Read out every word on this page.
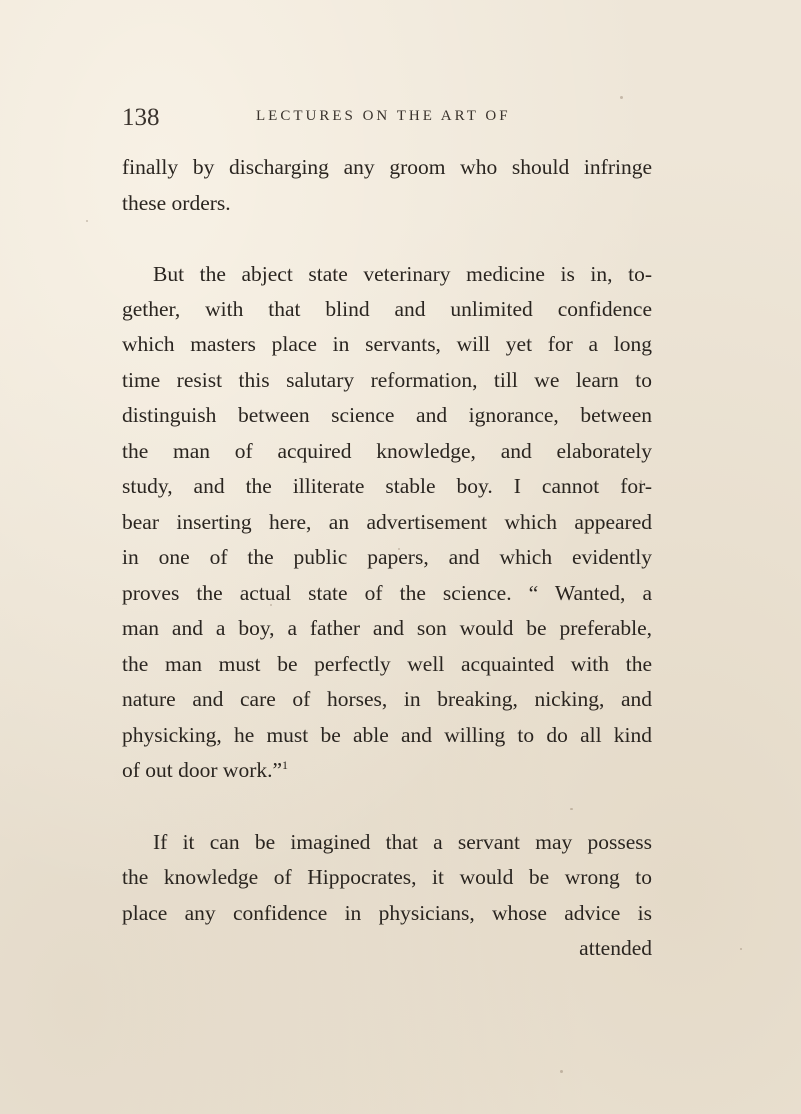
138	LECTURES ON THE ART OF
finally by discharging any groom who should infringe
these orders.
But the abject state veterinary medicine is in, to-
gether, with that blind and unlimited confidence
which masters place in servants, will yet for a long
time resist this salutary reformation, till we learn to
distinguish between science and ignorance, between
the man of acquired knowledge, and elaborately
study, and the illiterate stable boy. I cannot for-
bear inserting here, an advertisement which appeared
in one of the public papers, and which evidently
proves the actual state of the science. “ Wanted, a
man and a boy, a father and son would be preferable,
the man must be perfectly well acquainted with the
nature and care of horses, in breaking, nicking, and
physicking, he must be able and willing to do all kind
of out door work.”$^1$
If it can be imagined that a servant may possess
the knowledge of Hippocrates, it would be wrong to
place any confidence in physicians, whose advice is
attended
